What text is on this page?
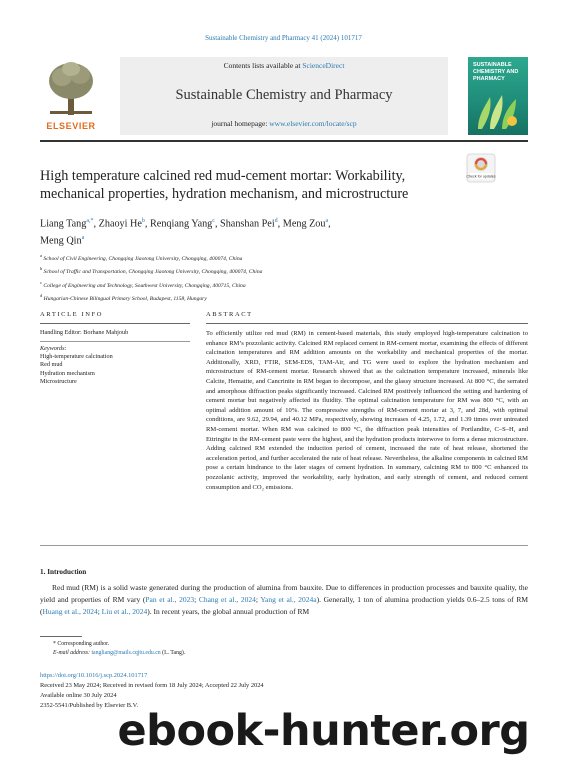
Sustainable Chemistry and Pharmacy 41 (2024) 101717
ELSEVIER
Contents lists available at ScienceDirect
Sustainable Chemistry and Pharmacy
journal homepage: www.elsevier.com/locate/scp
SUSTAINABLE CHEMISTRY AND PHARMACY
High temperature calcined red mud-cement mortar: Workability, mechanical properties, hydration mechanism, and microstructure
Check for updates
Liang Tang$^{a,*}$, Zhaoyi He$^b$, Renqiang Yang$^c$, Shanshan Pei$^d$, Meng Zou$^a$,
Meng Qin$^a$
$^a$ School of Civil Engineering, Chongqing Jiaotong University, Chongqing, 400074, China
$^b$ School of Traffic and Transportation, Chongqing Jiaotong University, Chongqing, 400074, China
$^c$ College of Engineering and Technology, Southwest University, Chongqing, 400715, China
$^d$ Hungarian-Chinese Bilingual Primary School, Budapest, 1158, Hungary
ARTICLE INFO	ABSTRACT
Handling Editor: Borhane Mahjoub
Keywords:
High-temperature calcination
Red mud
Hydration mechanism
Microstructure
To efficiently utilize red mud (RM) in cement-based materials, this study employed high-temperature calcination to enhance RM’s pozzolanic activity. Calcined RM replaced cement in RM-cement mortar, examining the effects of different calcination temperatures and RM addition amounts on the workability and mechanical properties of the mortar. Additionally, XRD, FTIR, SEM-EDS, TAM-Air, and TG were used to explore the hydration mechanism and microstructure of RM-cement mortar. Research showed that as the calcination temperature increased, minerals like Calcite, Hematite, and Cancrinite in RM began to decompose, and the glassy structure increased. At 800 °C, the serrated and amorphous diffraction peaks significantly increased. Calcined RM positively influenced the setting and hardening of cement mortar but negatively affected its fluidity. The optimal calcination temperature for RM was 800 °C, with an optimal addition amount of 10%. The compressive strengths of RM-cement mortar at 3, 7, and 28d, with optimal conditions, are 9.62, 29.94, and 40.12 MPa, respectively, showing increases of 4.25, 1.72, and 1.39 times over untreated RM-cement mortar. When RM was calcined to 800 °C, the diffraction peak intensities of Portlandite, C–S–H, and Ettringite in the RM-cement paste were the highest, and the hydration products interwove to form a dense microstructure. Adding calcined RM extended the induction period of cement, increased the rate of heat release, shortened the acceleration period, and further accelerated the rate of heat release. Nevertheless, the alkaline components in calcined RM pose a certain hindrance to the later stages of cement hydration. In summary, calcining RM to 800 °C enhanced its pozzolanic activity, improved the workability, early hydration, and early strength of cement, and reduced cement consumption and CO₂ emissions.
1. Introduction
Red mud (RM) is a solid waste generated during the production of alumina from bauxite. Due to differences in production processes and bauxite quality, the yield and properties of RM vary (Pan et al., 2023; Chang et al., 2024; Yang et al., 2024a). Generally, 1 ton of alumina production yields 0.6–2.5 tons of RM (Huang et al., 2024; Liu et al., 2024). In recent years, the global annual production of RM
* Corresponding author.
E-mail address: tangliang@mails.cqjtu.edu.cn (L. Tang).
https://doi.org/10.1016/j.scp.2024.101717
Received 23 May 2024; Received in revised form 18 July 2024; Accepted 22 July 2024
Available online 30 July 2024
2352-5541/Published by Elsevier B.V.
ebook-hunter.org
